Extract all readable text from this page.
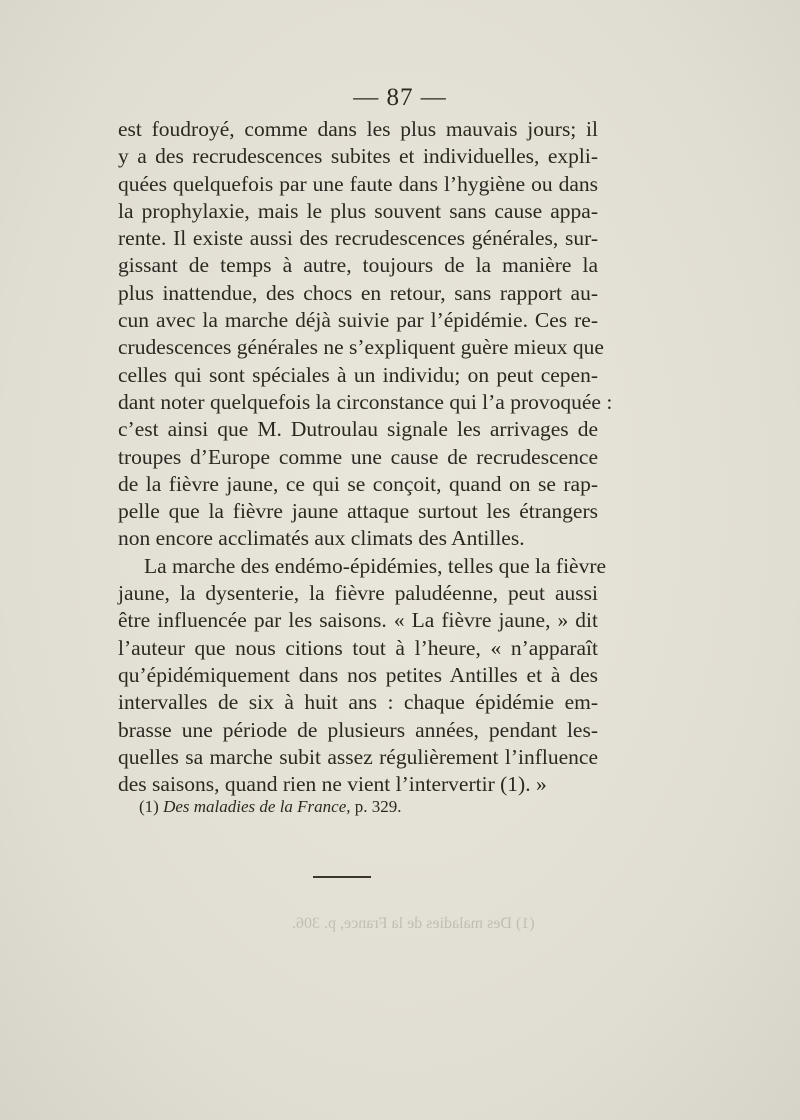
— 87 —
est foudroyé, comme dans les plus mauvais jours; il
y a des recrudescences subites et individuelles, expli-
quées quelquefois par une faute dans l’hygiène ou dans
la prophylaxie, mais le plus souvent sans cause appa-
rente. Il existe aussi des recrudescences générales, sur-
gissant de temps à autre, toujours de la manière la
plus inattendue, des chocs en retour, sans rapport au-
cun avec la marche déjà suivie par l’épidémie. Ces re-
crudescences générales ne s’expliquent guère mieux que
celles qui sont spéciales à un individu; on peut cepen-
dant noter quelquefois la circonstance qui l’a provoquée :
c’est ainsi que M. Dutroulau signale les arrivages de
troupes d’Europe comme une cause de recrudescence
de la fièvre jaune, ce qui se conçoit, quand on se rap-
pelle que la fièvre jaune attaque surtout les étrangers
non encore acclimatés aux climats des Antilles.
La marche des endémo-épidémies, telles que la fièvre
jaune, la dysenterie, la fièvre paludéenne, peut aussi
être influencée par les saisons. « La fièvre jaune, » dit
l’auteur que nous citions tout à l’heure, « n’apparaît
qu’épidémiquement dans nos petites Antilles et à des
intervalles de six à huit ans : chaque épidémie em-
brasse une période de plusieurs années, pendant les-
quelles sa marche subit assez régulièrement l’influence
des saisons, quand rien ne vient l’intervertir (1). »
(1) Des maladies de la France, p. 329.
(1) Des maladies de la France, p. 306.
